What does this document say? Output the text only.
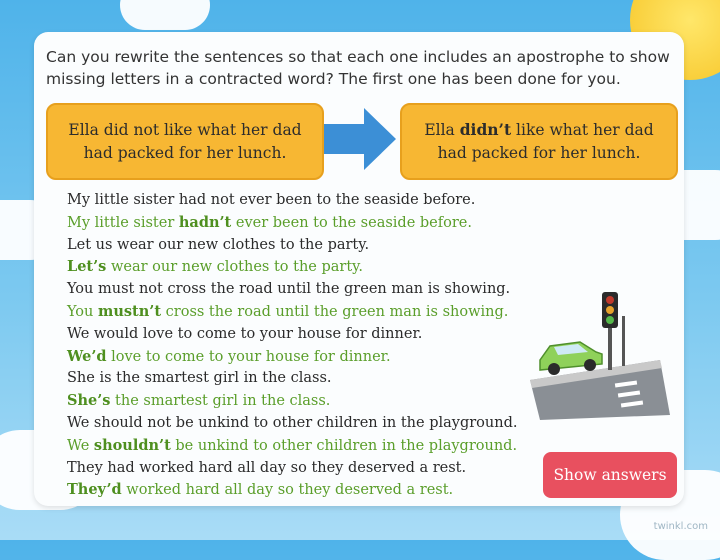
Can you rewrite the sentences so that each one includes an apostrophe to show missing letters in a contracted word? The first one has been done for you.
Ella did not like what her dad had packed for her lunch.
Ella didn’t like what her dad had packed for her lunch.
My little sister had not ever been to the seaside before.
My little sister hadn’t ever been to the seaside before.
Let us wear our new clothes to the party.
Let’s wear our new clothes to the party.
You must not cross the road until the green man is showing.
You mustn’t cross the road until the green man is showing.
We would love to come to your house for dinner.
We’d love to come to your house for dinner.
She is the smartest girl in the class.
She’s the smartest girl in the class.
We should not be unkind to other children in the playground.
We shouldn’t be unkind to other children in the playground.
They had worked hard all day so they deserved a rest.
They’d worked hard all day so they deserved a rest.
Show answers
twinkl.com
